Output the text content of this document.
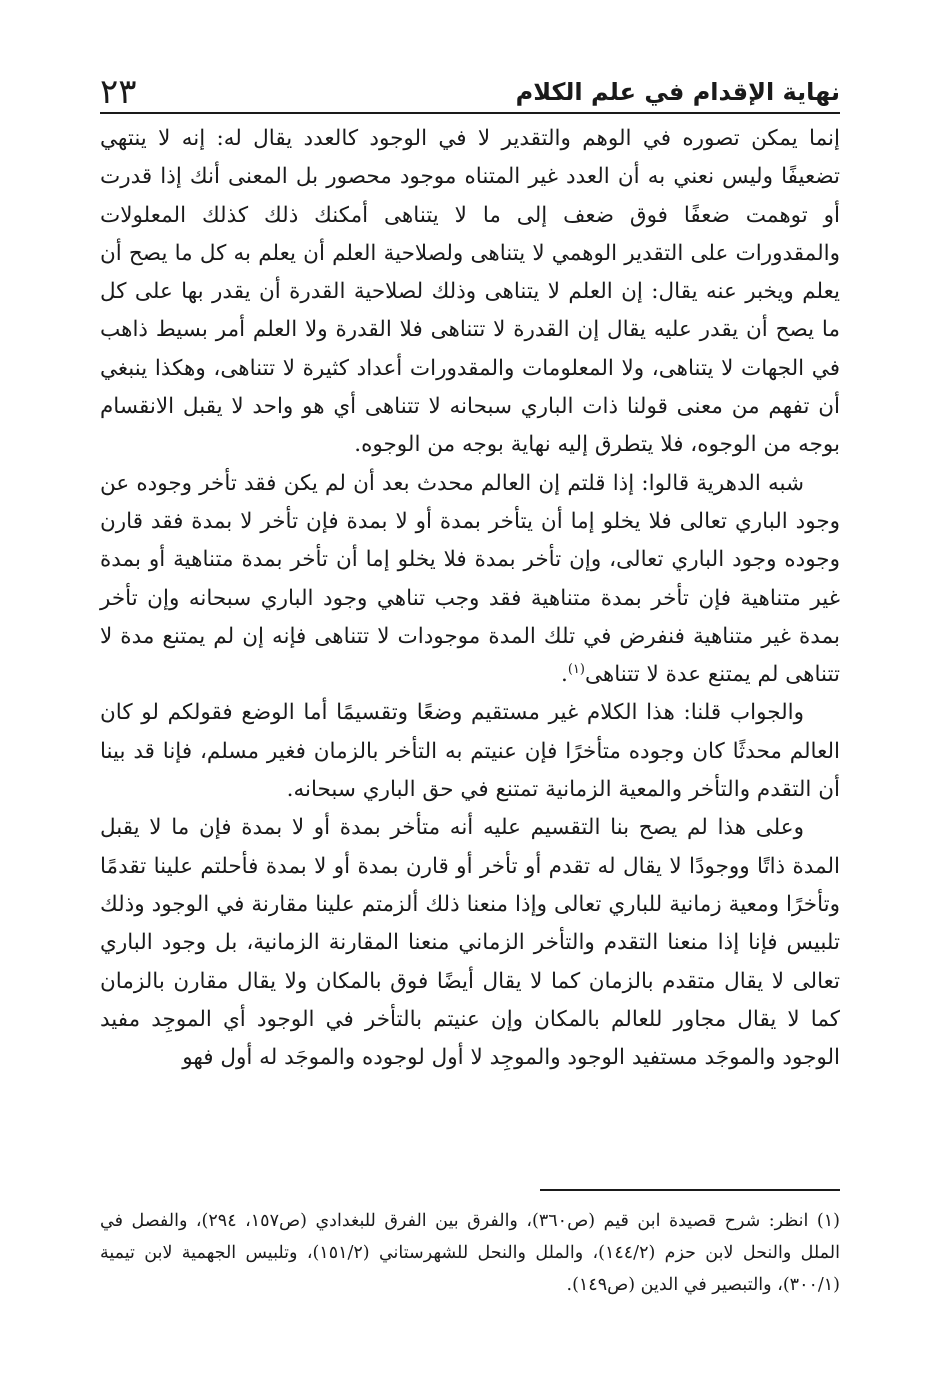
نهاية الإقدام في علم الكلام
٢٣

إنما يمكن تصوره في الوهم والتقدير لا في الوجود كالعدد يقال له: إنه لا ينتهي تضعيفًا وليس نعني به أن العدد غير المتناه موجود محصور بل المعنى أنك إذا قدرت أو توهمت ضعفًا فوق ضعف إلى ما لا يتناهى أمكنك ذلك كذلك المعلولات والمقدورات على التقدير الوهمي لا يتناهى ولصلاحية العلم أن يعلم به كل ما يصح أن يعلم ويخبر عنه يقال: إن العلم لا يتناهى وذلك لصلاحية القدرة أن يقدر بها على كل ما يصح أن يقدر عليه يقال إن القدرة لا تتناهى فلا القدرة ولا العلم أمر بسيط ذاهب في الجهات لا يتناهى، ولا المعلومات والمقدورات أعداد كثيرة لا تتناهى، وهكذا ينبغي أن تفهم من معنى قولنا ذات الباري سبحانه لا تتناهى أي هو واحد لا يقبل الانقسام بوجه من الوجوه، فلا يتطرق إليه نهاية بوجه من الوجوه.

شبه الدهرية قالوا: إذا قلتم إن العالم محدث بعد أن لم يكن فقد تأخر وجوده عن وجود الباري تعالى فلا يخلو إما أن يتأخر بمدة أو لا بمدة فإن تأخر لا بمدة فقد قارن وجوده وجود الباري تعالى، وإن تأخر بمدة فلا يخلو إما أن تأخر بمدة متناهية أو بمدة غير متناهية فإن تأخر بمدة متناهية فقد وجب تناهي وجود الباري سبحانه وإن تأخر بمدة غير متناهية فنفرض في تلك المدة موجودات لا تتناهى فإنه إن لم يمتنع مدة لا تتناهى لم يمتنع عدة لا تتناهى$^{(١)}$.

والجواب قلنا: هذا الكلام غير مستقيم وضعًا وتقسيمًا أما الوضع فقولكم لو كان العالم محدثًا كان وجوده متأخرًا فإن عنيتم به التأخر بالزمان فغير مسلم، فإنا قد بينا أن التقدم والتأخر والمعية الزمانية تمتنع في حق الباري سبحانه.

وعلى هذا لم يصح بنا التقسيم عليه أنه متأخر بمدة أو لا بمدة فإن ما لا يقبل المدة ذاتًا ووجودًا لا يقال له تقدم أو تأخر أو قارن بمدة أو لا بمدة فأحلتم علينا تقدمًا وتأخرًا ومعية زمانية للباري تعالى وإذا منعنا ذلك ألزمتم علينا مقارنة في الوجود وذلك تلبيس فإنا إذا منعنا التقدم والتأخر الزماني منعنا المقارنة الزمانية، بل وجود الباري تعالى لا يقال متقدم بالزمان كما لا يقال أيضًا فوق بالمكان ولا يقال مقارن بالزمان كما لا يقال مجاور للعالم بالمكان وإن عنيتم بالتأخر في الوجود أي الموجِد مفيد الوجود والموجَد مستفيد الوجود والموجِد لا أول لوجوده والموجَد له أول فهو

(١) انظر: شرح قصيدة ابن قيم (ص٣٦٠)، والفرق بين الفرق للبغدادي (ص١٥٧، ٢٩٤)، والفصل في الملل والنحل لابن حزم (١٤٤/٢)، والملل والنحل للشهرستاني (١٥١/٢)، وتلبيس الجهمية لابن تيمية (٣٠٠/١)، والتبصير في الدين (ص١٤٩).
